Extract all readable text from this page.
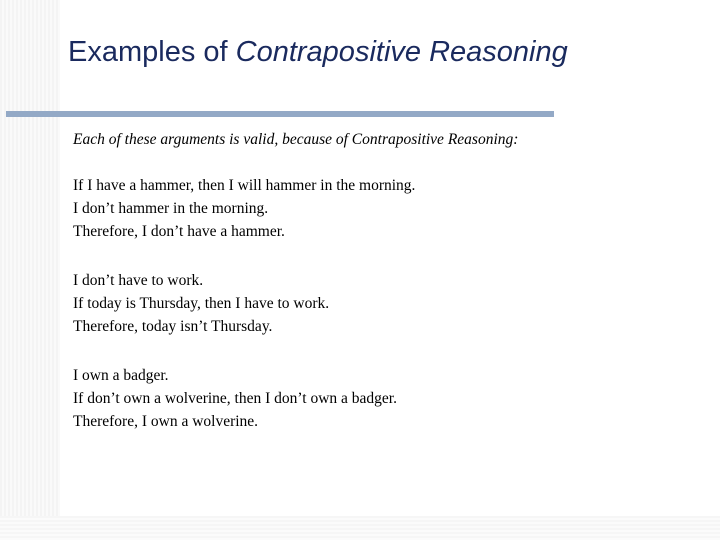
Examples of Contrapositive Reasoning

Each of these arguments is valid, because of Contrapositive Reasoning:

If I have a hammer, then I will hammer in the morning.
I don’t hammer in the morning.
Therefore, I don’t have a hammer.
I don’t have to work.
If today is Thursday, then I have to work.
Therefore, today isn’t Thursday.
I own a badger.
If don’t own a wolverine, then I don’t own a badger.
Therefore, I own a wolverine.
